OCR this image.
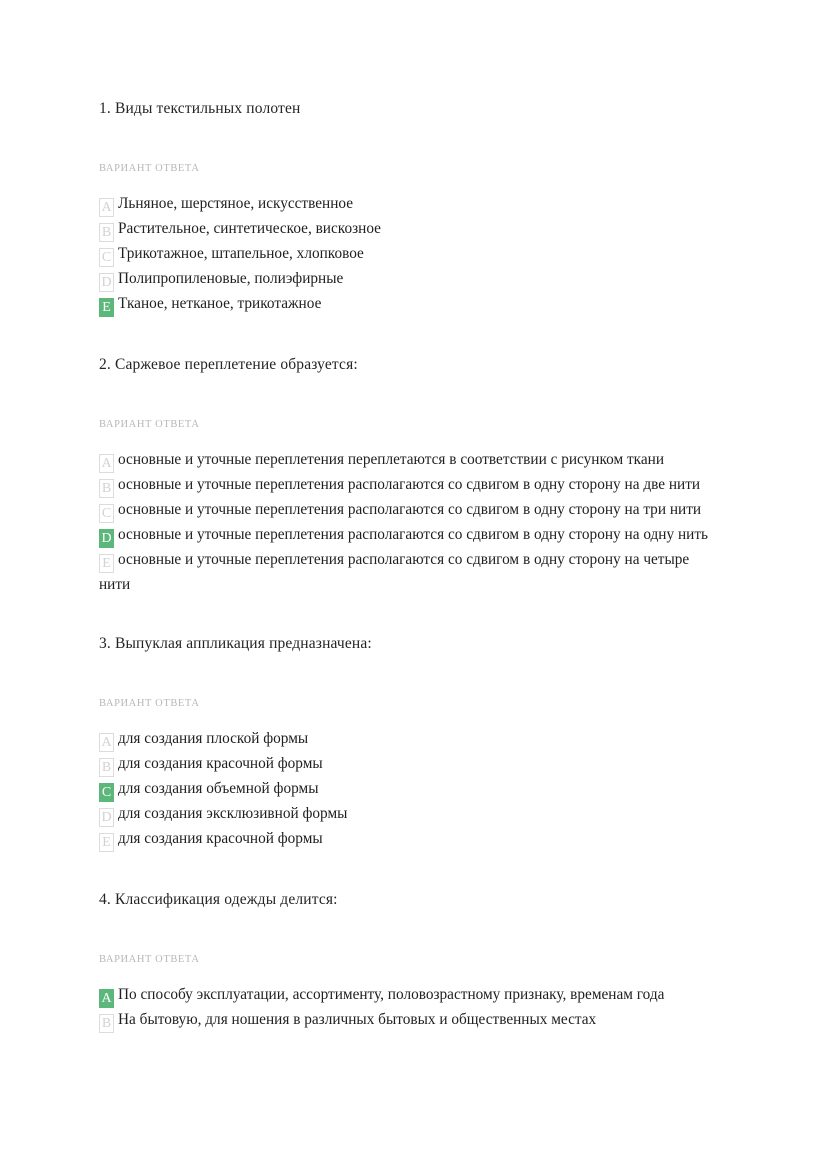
1. Виды текстильных полотен
ВАРИАНТ ОТВЕТА
A Льняное, шерстяное, искусственное
B Растительное, синтетическое, вискозное
C Трикотажное, штапельное, хлопковое
D Полипропиленовые, полиэфирные
E Тканое, нетканое, трикотажное
2. Саржевое переплетение образуется:
ВАРИАНТ ОТВЕТА
A основные и уточные переплетения переплетаются в соответствии с рисунком ткани
B основные и уточные переплетения располагаются со сдвигом в одну сторону на две нити
C основные и уточные переплетения располагаются со сдвигом в одну сторону на три нити
D основные и уточные переплетения располагаются со сдвигом в одну сторону на одну нить
E основные и уточные переплетения располагаются со сдвигом в одну сторону на четыре нити
3. Выпуклая аппликация предназначена:
ВАРИАНТ ОТВЕТА
A для создания плоской формы
B для создания красочной формы
C для создания объемной формы
D для создания эксклюзивной формы
E для создания красочной формы
4. Классификация одежды делится:
ВАРИАНТ ОТВЕТА
A По способу эксплуатации, ассортименту, половозрастному признаку, временам года
B На бытовую, для ношения в различных бытовых и общественных местах
